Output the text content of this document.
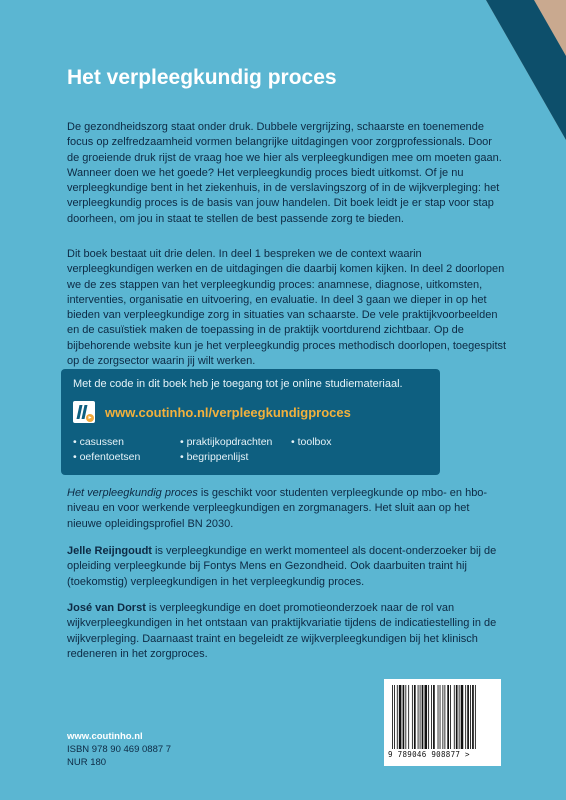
Het verpleegkundig proces

De gezondheidszorg staat onder druk. Dubbele vergrijzing, schaarste en toenemende focus op zelfredzaamheid vormen belangrijke uitdagingen voor zorgprofessionals. Door de groeiende druk rijst de vraag hoe we hier als verpleegkundigen mee om moeten gaan. Wanneer doen we het goede? Het verpleegkundig proces biedt uitkomst. Of je nu verpleegkundige bent in het ziekenhuis, in de verslavingszorg of in de wijkverpleging: het verpleegkundig proces is de basis van jouw handelen. Dit boek leidt je er stap voor stap doorheen, om jou in staat te stellen de best passende zorg te bieden.

Dit boek bestaat uit drie delen. In deel 1 bespreken we de context waarin verpleegkundigen werken en de uitdagingen die daarbij komen kijken. In deel 2 doorlopen we de zes stappen van het verpleegkundig proces: anamnese, diagnose, uitkomsten, interventies, organisatie en uitvoering, en evaluatie. In deel 3 gaan we dieper in op het bieden van verpleegkundige zorg in situaties van schaarste. De vele praktijkvoorbeelden en de casuïstiek maken de toepassing in de praktijk voortdurend zichtbaar. Op de bijbehorende website kun je het verpleegkundig proces methodisch doorlopen, toegespitst op de zorgsector waarin jij wilt werken.

Met de code in dit boek heb je toegang tot je online studiemateriaal.
▸ www.coutinho.nl/verpleegkundigproces
• casussen	• praktijkopdrachten	• toolbox
• oefentoetsen	• begrippenlijst

Het verpleegkundig proces is geschikt voor studenten verpleegkunde op mbo- en hbo-niveau en voor werkende verpleegkundigen en zorgmanagers. Het sluit aan op het nieuwe opleidingsprofiel BN 2030.

Jelle Reijngoudt is verpleegkundige en werkt momenteel als docent-onderzoeker bij de opleiding verpleegkunde bij Fontys Mens en Gezondheid. Ook daarbuiten traint hij (toekomstig) verpleegkundigen in het verpleegkundig proces.

José van Dorst is verpleegkundige en doet promotieonderzoek naar de rol van wijkverpleegkundigen in het ontstaan van praktijkvariatie tijdens de indicatiestelling in de wijkverpleging. Daarnaast traint en begeleidt ze wijkverpleegkundigen bij het klinisch redeneren in het zorgproces.

www.coutinho.nl
ISBN 978 90 469 0887 7
NUR 180
9 789046 908877 >
